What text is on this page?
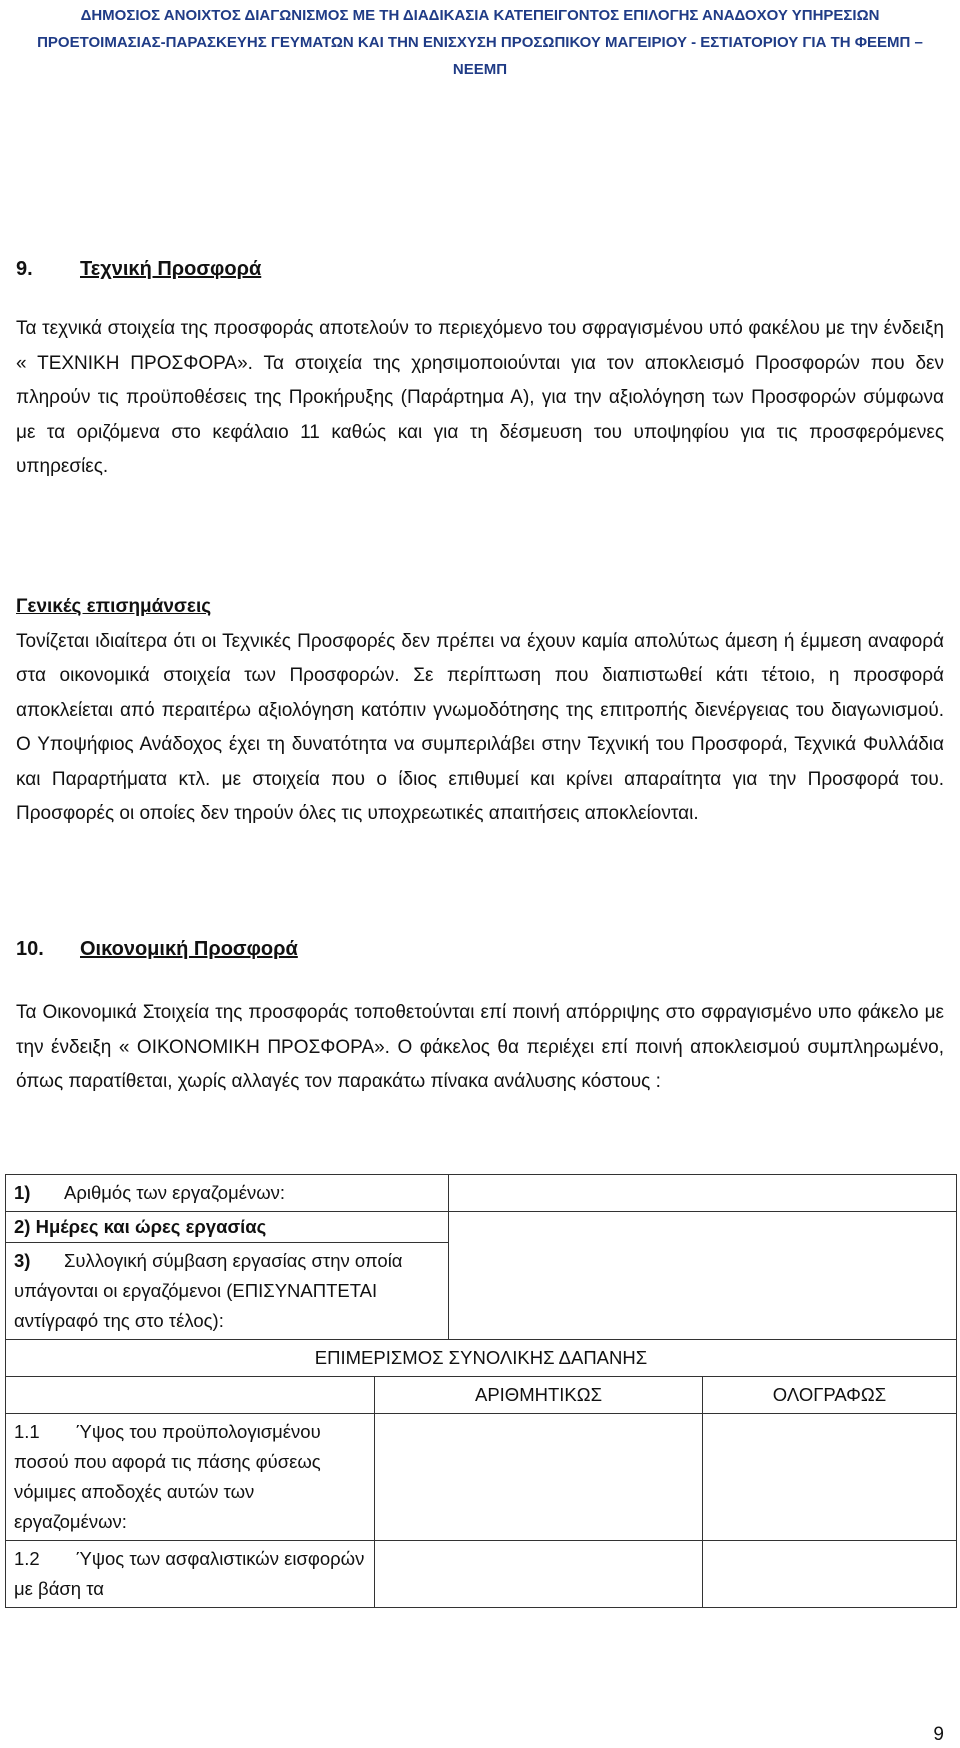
ΔΗΜΟΣΙΟΣ ΑΝΟΙΧΤΟΣ ΔΙΑΓΩΝΙΣΜΟΣ ΜΕ ΤΗ ΔΙΑΔΙΚΑΣΙΑ ΚΑΤΕΠΕΙΓΟΝΤΟΣ ΕΠΙΛΟΓΗΣ ΑΝΑΔΟΧΟΥ ΥΠΗΡΕΣΙΩΝ
ΠΡΟΕΤΟΙΜΑΣΙΑΣ-ΠΑΡΑΣΚΕΥΗΣ ΓΕΥΜΑΤΩΝ ΚΑΙ ΤΗΝ ΕΝΙΣΧΥΣΗ ΠΡΟΣΩΠΙΚΟΥ ΜΑΓΕΙΡΙΟΥ - ΕΣΤΙΑΤΟΡΙΟΥ ΓΙΑ ΤΗ ΦΕΕΜΠ –
ΝΕΕΜΠ
9. Τεχνική Προσφορά
Τα τεχνικά στοιχεία της προσφοράς αποτελούν το περιεχόμενο του σφραγισμένου υπό φακέλου με την ένδειξη « ΤΕΧΝΙΚΗ ΠΡΟΣΦΟΡΑ». Τα στοιχεία της χρησιμοποιούνται για τον αποκλεισμό Προσφορών που δεν πληρούν τις προϋποθέσεις της Προκήρυξης (Παράρτημα Α), για την αξιολόγηση των Προσφορών σύμφωνα με τα οριζόμενα στο κεφάλαιο 11 καθώς και για τη δέσμευση του υποψηφίου για τις προσφερόμενες υπηρεσίες.
Γενικές επισημάνσεις
Τονίζεται ιδιαίτερα ότι οι Τεχνικές Προσφορές δεν πρέπει να έχουν καμία απολύτως άμεση ή έμμεση αναφορά στα οικονομικά στοιχεία των Προσφορών. Σε περίπτωση που διαπιστωθεί κάτι τέτοιο, η προσφορά αποκλείεται από περαιτέρω αξιολόγηση κατόπιν γνωμοδότησης της επιτροπής διενέργειας του διαγωνισμού. Ο Υποψήφιος Ανάδοχος έχει τη δυνατότητα να συμπεριλάβει στην Τεχνική του Προσφορά, Τεχνικά Φυλλάδια και Παραρτήματα κτλ. με στοιχεία που ο ίδιος επιθυμεί και κρίνει απαραίτητα για την Προσφορά του. Προσφορές οι οποίες δεν τηρούν όλες τις υποχρεωτικές απαιτήσεις αποκλείονται.
10. Οικονομική Προσφορά
Τα Οικονομικά Στοιχεία της προσφοράς τοποθετούνται επί ποινή απόρριψης στο σφραγισμένο υπο φάκελο με την ένδειξη « ΟΙΚΟΝΟΜΙΚΗ ΠΡΟΣΦΟΡΑ». Ο φάκελος θα περιέχει επί ποινή αποκλεισμού συμπληρωμένο, όπως παρατίθεται, χωρίς αλλαγές τον παρακάτω πίνακα ανάλυσης κόστους :
1) Αριθμός των εργαζομένων:			
2) Ημέρες και ώρες εργασίας			
3) Συλλογική σύμβαση εργασίας στην οποία υπάγονται οι εργαζόμενοι (ΕΠΙΣΥΝΑΠΤΕΤΑΙ αντίγραφό της στο τέλος):			
ΕΠΙΜΕΡΙΣΜΟΣ ΣΥΝΟΛΙΚΗΣ ΔΑΠΑΝΗΣ			
	ΑΡΙΘΜΗΤΙΚΩΣ		ΟΛΟΓΡΑΦΩΣ
1.1 Ύψος του προϋπολογισμένου ποσού που αφορά τις πάσης φύσεως νόμιμες αποδοχές αυτών των εργαζομένων:			
1.2 Ύψος των ασφαλιστικών εισφορών με βάση τα			
9
